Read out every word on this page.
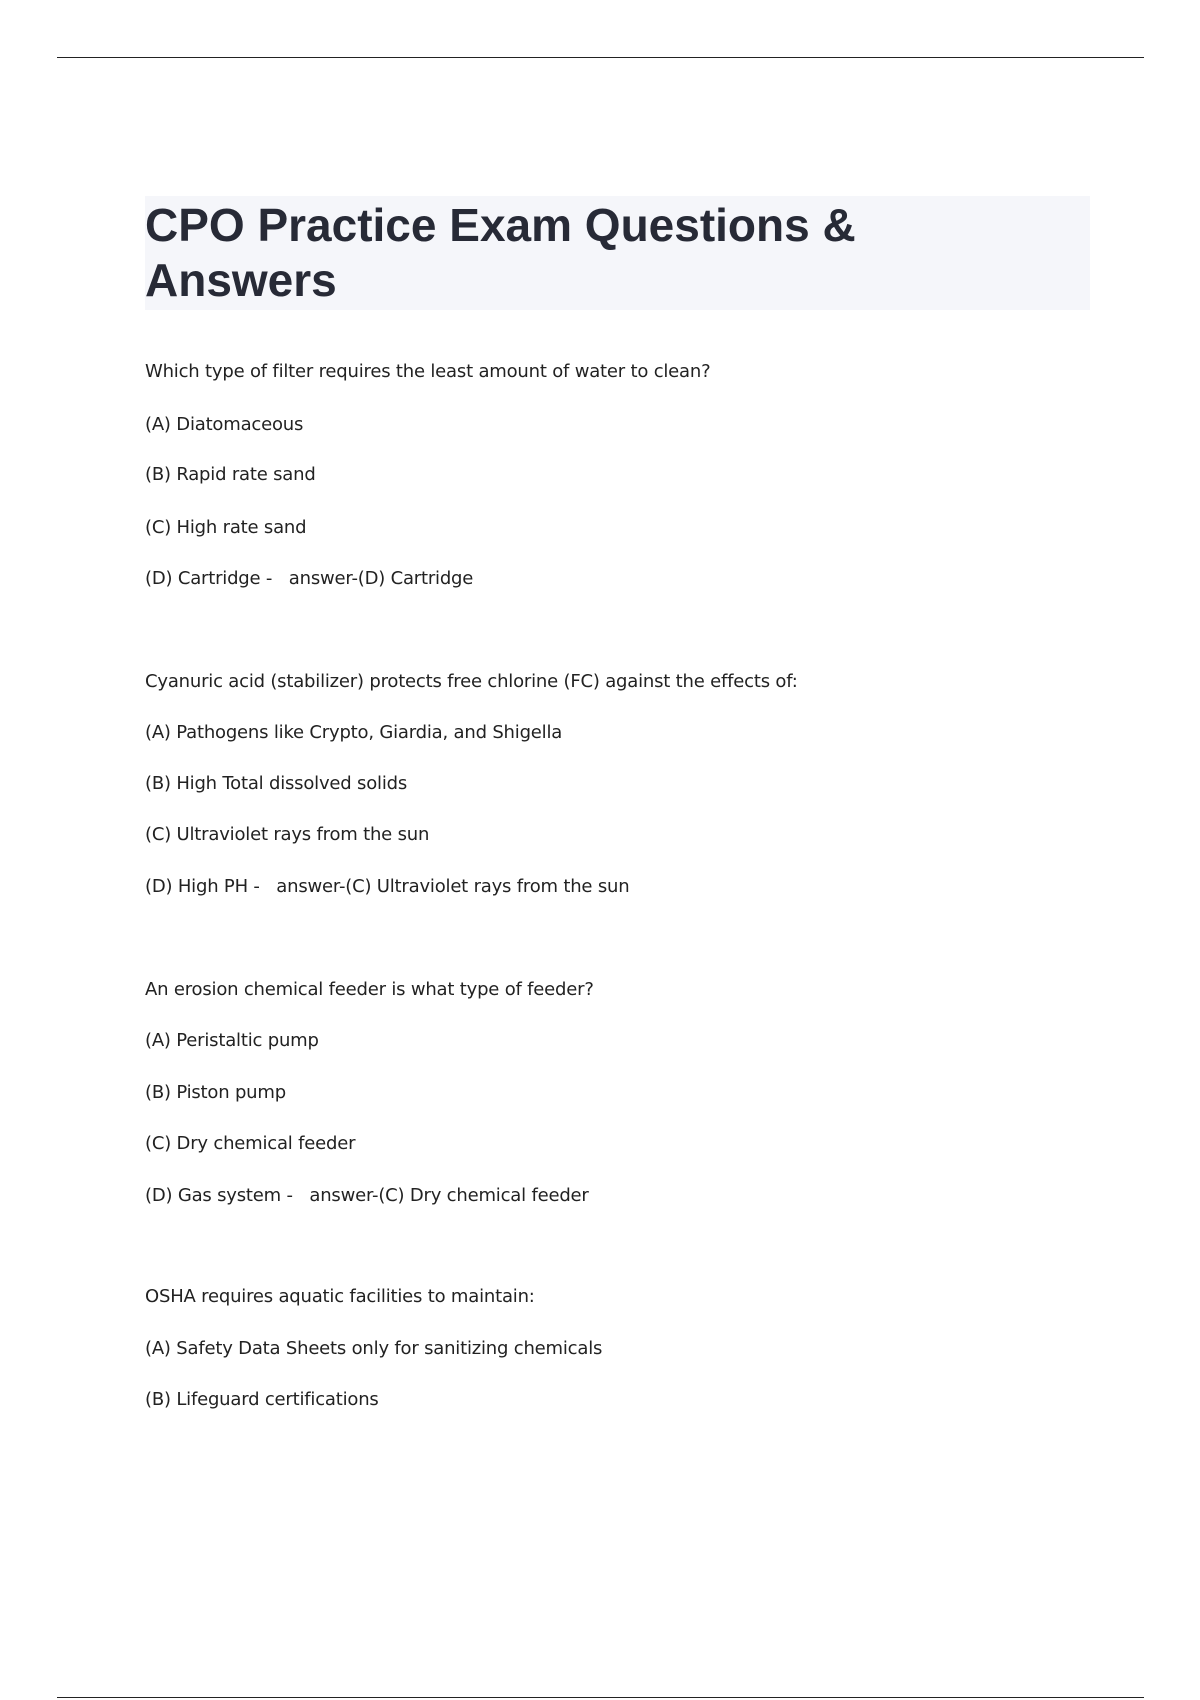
CPO Practice Exam Questions & Answers
Which type of filter requires the least amount of water to clean?
(A) Diatomaceous
(B) Rapid rate sand
(C) High rate sand
(D) Cartridge -   answer-(D) Cartridge
Cyanuric acid (stabilizer) protects free chlorine (FC) against the effects of:
(A) Pathogens like Crypto, Giardia, and Shigella
(B) High Total dissolved solids
(C) Ultraviolet rays from the sun
(D) High PH -   answer-(C) Ultraviolet rays from the sun
An erosion chemical feeder is what type of feeder?
(A) Peristaltic pump
(B) Piston pump
(C) Dry chemical feeder
(D) Gas system -   answer-(C) Dry chemical feeder
OSHA requires aquatic facilities to maintain:
(A) Safety Data Sheets only for sanitizing chemicals
(B) Lifeguard certifications
